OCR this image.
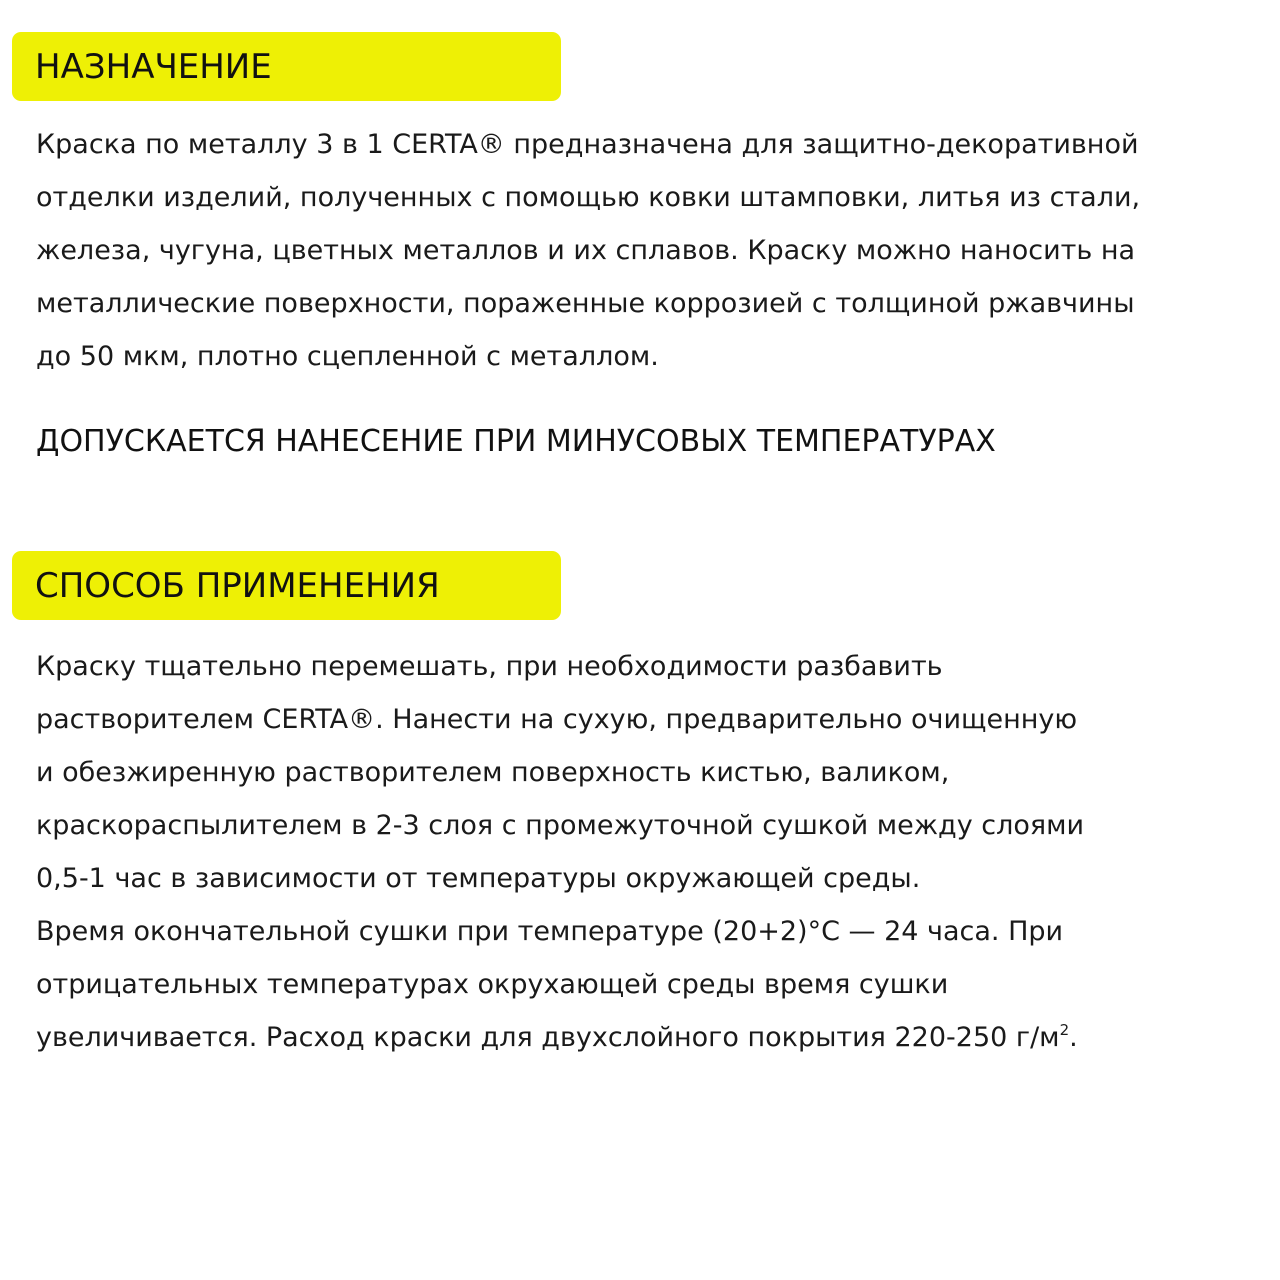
НАЗНАЧЕНИЕ
Краска по металлу 3 в 1 CERTA® предназначена для защитно-декоративной
отделки изделий, полученных с помощью ковки штамповки, литья из стали,
железа, чугуна, цветных металлов и их сплавов. Краску можно наносить на
металлические поверхности, пораженные коррозией с толщиной ржавчины
до 50 мкм, плотно сцепленной с металлом.
ДОПУСКАЕТСЯ НАНЕСЕНИЕ ПРИ МИНУСОВЫХ ТЕМПЕРАТУРАХ
СПОСОБ ПРИМЕНЕНИЯ
Краску тщательно перемешать, при необходимости разбавить
растворителем CERTA®. Нанести на сухую, предварительно очищенную
и обезжиренную растворителем поверхность кистью, валиком,
краскораспылителем в 2-3 слоя с промежуточной сушкой между слоями
0,5-1 час в зависимости от температуры окружающей среды.
Время окончательной сушки при температуре (20+2)°C — 24 часа. При
отрицательных температурах окрухающей среды время сушки
увеличивается. Расход краски для двухслойного покрытия 220-250 $г/м^2$.
